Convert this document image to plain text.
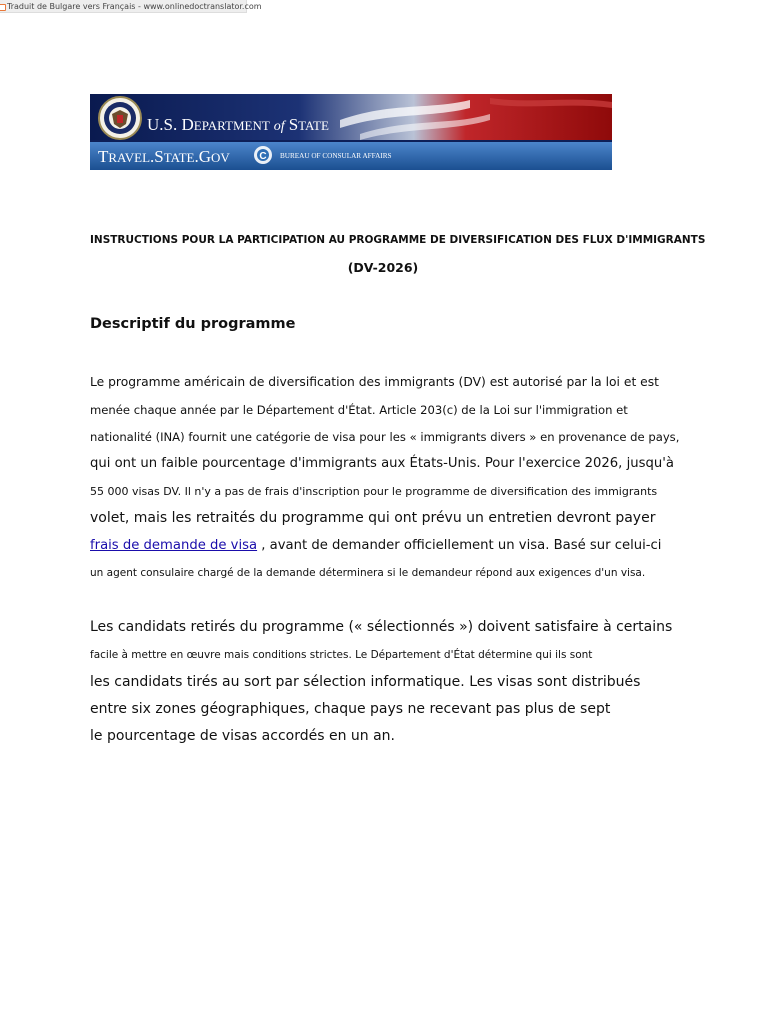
Traduit de Bulgare vers Français - www.onlinedoctranslator.com
U.S. DEPARTMENT of STATE
TRAVEL.STATE.GOV	C BUREAU OF CONSULAR AFFAIRS
INSTRUCTIONS POUR LA PARTICIPATION AU PROGRAMME DE DIVERSIFICATION DES FLUX D'IMMIGRANTS
(DV-2026)
Descriptif du programme
Le programme américain de diversification des immigrants (DV) est autorisé par la loi et est
menée chaque année par le Département d'État. Article 203(c) de la Loi sur l'immigration et
nationalité (INA) fournit une catégorie de visa pour les « immigrants divers » en provenance de pays,
qui ont un faible pourcentage d'immigrants aux États-Unis. Pour l'exercice 2026, jusqu'à
55 000 visas DV. Il n'y a pas de frais d'inscription pour le programme de diversification des immigrants
volet, mais les retraités du programme qui ont prévu un entretien devront payer
frais de demande de visa , avant de demander officiellement un visa. Basé sur celui-ci
un agent consulaire chargé de la demande déterminera si le demandeur répond aux exigences d'un visa.
Les candidats retirés du programme (« sélectionnés ») doivent satisfaire à certains
facile à mettre en œuvre mais conditions strictes. Le Département d'État détermine qui ils sont
les candidats tirés au sort par sélection informatique. Les visas sont distribués
entre six zones géographiques, chaque pays ne recevant pas plus de sept
le pourcentage de visas accordés en un an.
